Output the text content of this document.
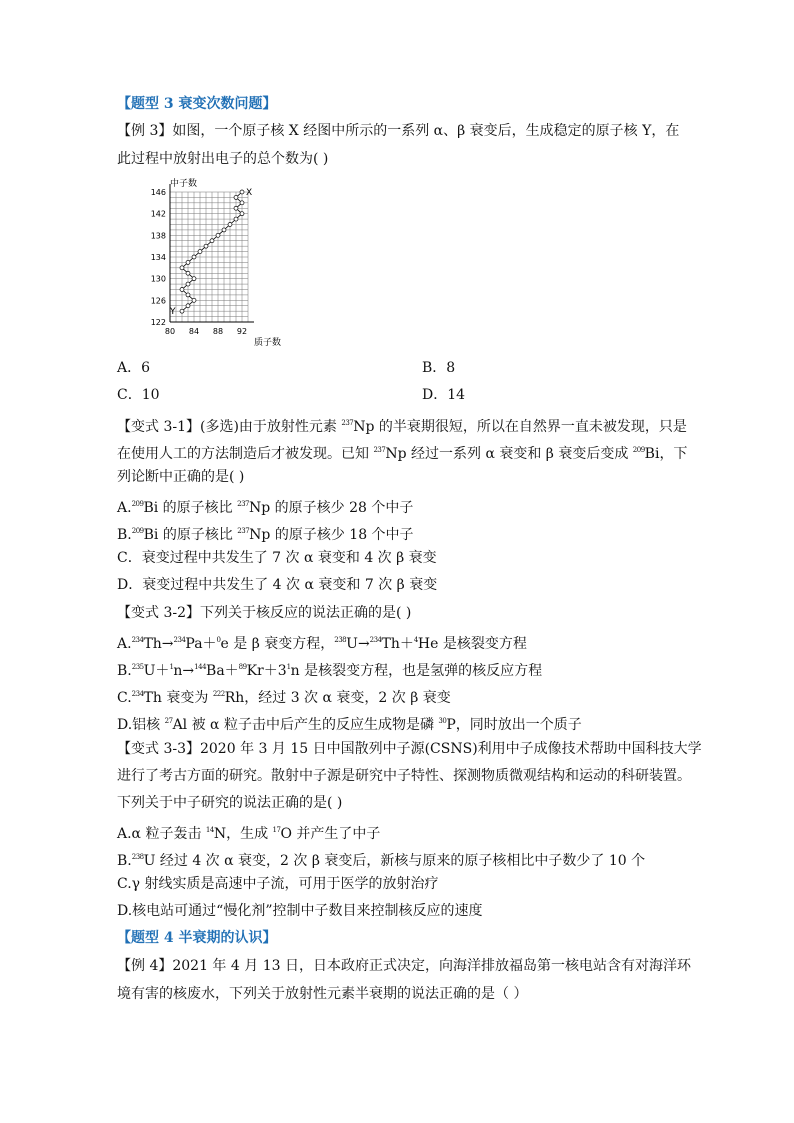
【题型 3 衰变次数问题】
【例 3】如图，一个原子核 X 经图中所示的一系列 α、β 衰变后，生成稳定的原子核 Y，在
此过程中放射出电子的总个数为( )
80 84 88 92
122
126
130
134
138
142
146
中子数
质子数
X
Y
A．6	B．8
C．10	D．14
【变式 3-1】(多选)由于放射性元素 $^{237}$Np 的半衰期很短，所以在自然界一直未被发现，只是
在使用人工的方法制造后才被发现。已知 $^{237}$Np 经过一系列 α 衰变和 β 衰变后变成 $^{209}$Bi，下
列论断中正确的是( )
A.$^{209}$Bi 的原子核比 $^{237}$Np 的原子核少 28 个中子
B.$^{209}$Bi 的原子核比 $^{237}$Np 的原子核少 18 个中子
C．衰变过程中共发生了 7 次 α 衰变和 4 次 β 衰变
D．衰变过程中共发生了 4 次 α 衰变和 7 次 β 衰变
【变式 3-2】下列关于核反应的说法正确的是( )
A.$^{234}$Th→$^{234}$Pa＋$^0$e 是 β 衰变方程，$^{238}$U→$^{234}$Th＋$^4$He 是核裂变方程
$B.^{235}U+^1n\to^{144}Ba+^{89}Kr+3^1n$ 是核裂变方程，也是氢弹的核反应方程
C.$^{234}$Th 衰变为 $^{222}$Rh，经过 3 次 α 衰变，2 次 β 衰变
D.铝核 $^{27}$Al 被 α 粒子击中后产生的反应生成物是磷 $^{30}$P，同时放出一个质子
【变式 3-3】2020 年 3 月 15 日中国散列中子源(CSNS)利用中子成像技术帮助中国科技大学
进行了考古方面的研究。散射中子源是研究中子特性、探测物质微观结构和运动的科研装置。
下列关于中子研究的说法正确的是( )
A.α 粒子轰击 $^{14}$N，生成 $^{17}$O 并产生了中子
B.$^{238}$U 经过 4 次 α 衰变，2 次 β 衰变后，新核与原来的原子核相比中子数少了 10 个
C.γ 射线实质是高速中子流，可用于医学的放射治疗
D.核电站可通过“慢化剂”控制中子数目来控制核反应的速度
【题型 4 半衰期的认识】
【例 4】2021 年 4 月 13 日，日本政府正式决定，向海洋排放福岛第一核电站含有对海洋环
境有害的核废水，下列关于放射性元素半衰期的说法正确的是（ ）
